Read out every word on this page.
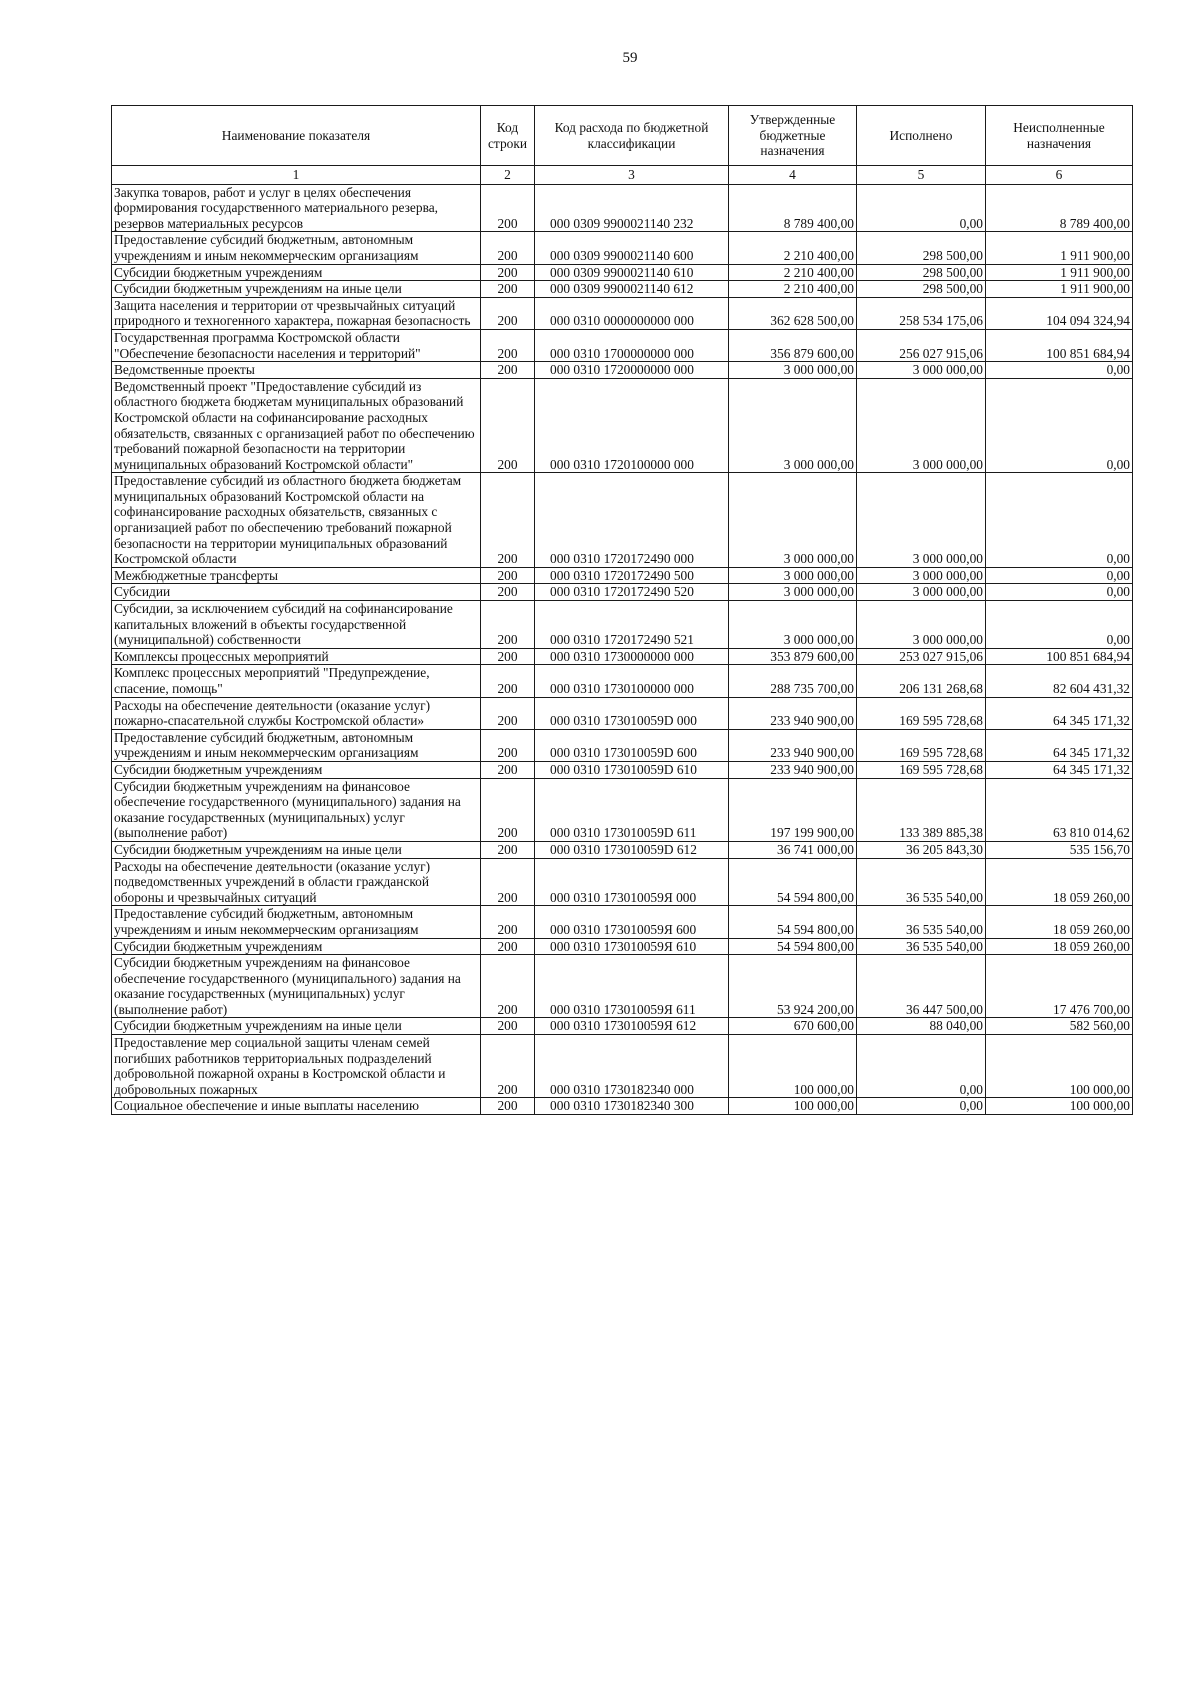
59
Наименование показателя	Код строки	Код расхода по бюджетной классификации	Утвержденные бюджетные назначения	Исполнено	Неисполненные назначения
1	2	3	4	5	6
Закупка товаров, работ и услуг в целях обеспечения формирования государственного материального резерва, резервов материальных ресурсов	200	000 0309 9900021140 232	8 789 400,00	0,00	8 789 400,00
Предоставление субсидий бюджетным, автономным учреждениям и иным некоммерческим организациям	200	000 0309 9900021140 600	2 210 400,00	298 500,00	1 911 900,00
Субсидии бюджетным учреждениям	200	000 0309 9900021140 610	2 210 400,00	298 500,00	1 911 900,00
Субсидии бюджетным учреждениям на иные цели	200	000 0309 9900021140 612	2 210 400,00	298 500,00	1 911 900,00
Защита населения и территории от чрезвычайных ситуаций природного и техногенного характера, пожарная безопасность	200	000 0310 0000000000 000	362 628 500,00	258 534 175,06	104 094 324,94
Государственная программа Костромской области "Обеспечение безопасности населения и территорий"	200	000 0310 1700000000 000	356 879 600,00	256 027 915,06	100 851 684,94
Ведомственные проекты	200	000 0310 1720000000 000	3 000 000,00	3 000 000,00	0,00
Ведомственный проект "Предоставление субсидий из областного бюджета бюджетам муниципальных образований Костромской области на софинансирование расходных обязательств, связанных с организацией работ по обеспечению требований пожарной безопасности на территории муниципальных образований Костромской области"	200	000 0310 1720100000 000	3 000 000,00	3 000 000,00	0,00
Предоставление субсидий из областного бюджета бюджетам муниципальных образований Костромской области на софинансирование расходных обязательств, связанных с организацией работ по обеспечению требований пожарной безопасности на территории муниципальных образований Костромской области	200	000 0310 1720172490 000	3 000 000,00	3 000 000,00	0,00
Межбюджетные трансферты	200	000 0310 1720172490 500	3 000 000,00	3 000 000,00	0,00
Субсидии	200	000 0310 1720172490 520	3 000 000,00	3 000 000,00	0,00
Субсидии, за исключением субсидий на софинансирование капитальных вложений в объекты государственной (муниципальной) собственности	200	000 0310 1720172490 521	3 000 000,00	3 000 000,00	0,00
Комплексы процессных мероприятий	200	000 0310 1730000000 000	353 879 600,00	253 027 915,06	100 851 684,94
Комплекс процессных мероприятий "Предупреждение, спасение, помощь"	200	000 0310 1730100000 000	288 735 700,00	206 131 268,68	82 604 431,32
Расходы на обеспечение деятельности (оказание услуг) пожарно-спасательной службы Костромской области»	200	000 0310 173010059D 000	233 940 900,00	169 595 728,68	64 345 171,32
Предоставление субсидий бюджетным, автономным учреждениям и иным некоммерческим организациям	200	000 0310 173010059D 600	233 940 900,00	169 595 728,68	64 345 171,32
Субсидии бюджетным учреждениям	200	000 0310 173010059D 610	233 940 900,00	169 595 728,68	64 345 171,32
Субсидии бюджетным учреждениям на финансовое обеспечение государственного (муниципального) задания на оказание государственных (муниципальных) услуг (выполнение работ)	200	000 0310 173010059D 611	197 199 900,00	133 389 885,38	63 810 014,62
Субсидии бюджетным учреждениям на иные цели	200	000 0310 173010059D 612	36 741 000,00	36 205 843,30	535 156,70
Расходы на обеспечение деятельности (оказание услуг) подведомственных учреждений в области гражданской обороны и чрезвычайных ситуаций	200	000 0310 173010059Я 000	54 594 800,00	36 535 540,00	18 059 260,00
Предоставление субсидий бюджетным, автономным учреждениям и иным некоммерческим организациям	200	000 0310 173010059Я 600	54 594 800,00	36 535 540,00	18 059 260,00
Субсидии бюджетным учреждениям	200	000 0310 173010059Я 610	54 594 800,00	36 535 540,00	18 059 260,00
Субсидии бюджетным учреждениям на финансовое обеспечение государственного (муниципального) задания на оказание государственных (муниципальных) услуг (выполнение работ)	200	000 0310 173010059Я 611	53 924 200,00	36 447 500,00	17 476 700,00
Субсидии бюджетным учреждениям на иные цели	200	000 0310 173010059Я 612	670 600,00	88 040,00	582 560,00
Предоставление мер социальной защиты членам семей погибших работников территориальных подразделений добровольной пожарной охраны в Костромской области и добровольных пожарных	200	000 0310 1730182340 000	100 000,00	0,00	100 000,00
Социальное обеспечение и иные выплаты населению	200	000 0310 1730182340 300	100 000,00	0,00	100 000,00
